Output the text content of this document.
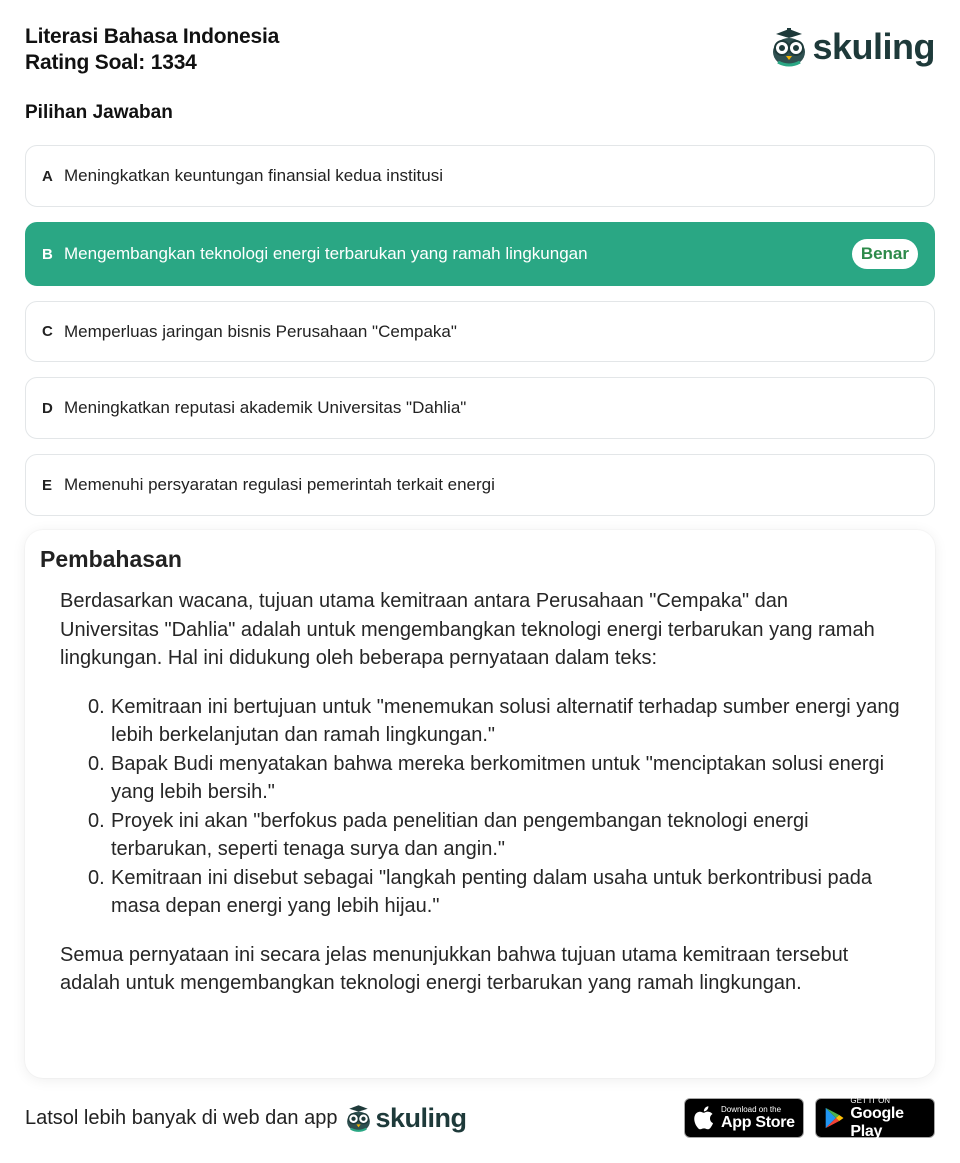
Literasi Bahasa Indonesia
Rating Soal: 1334	skuling
Pilihan Jawaban
A Meningkatkan keuntungan finansial kedua institusi
B Mengembangkan teknologi energi terbarukan yang ramah lingkungan	Benar
C Memperluas jaringan bisnis Perusahaan "Cempaka"
D Meningkatkan reputasi akademik Universitas "Dahlia"
E Memenuhi persyaratan regulasi pemerintah terkait energi
Pembahasan

Berdasarkan wacana, tujuan utama kemitraan antara Perusahaan "Cempaka" dan Universitas "Dahlia" adalah untuk mengembangkan teknologi energi terbarukan yang ramah lingkungan. Hal ini didukung oleh beberapa pernyataan dalam teks:

0. Kemitraan ini bertujuan untuk "menemukan solusi alternatif terhadap sumber energi yang lebih berkelanjutan dan ramah lingkungan."
0. Bapak Budi menyatakan bahwa mereka berkomitmen untuk "menciptakan solusi energi yang lebih bersih."
0. Proyek ini akan "berfokus pada penelitian dan pengembangan teknologi energi terbarukan, seperti tenaga surya dan angin."
0. Kemitraan ini disebut sebagai "langkah penting dalam usaha untuk berkontribusi pada masa depan energi yang lebih hijau."

Semua pernyataan ini secara jelas menunjukkan bahwa tujuan utama kemitraan tersebut adalah untuk mengembangkan teknologi energi terbarukan yang ramah lingkungan.

Latsol lebih banyak di web dan app skuling	Download on the
App Store
GET IT ON
Google Play
